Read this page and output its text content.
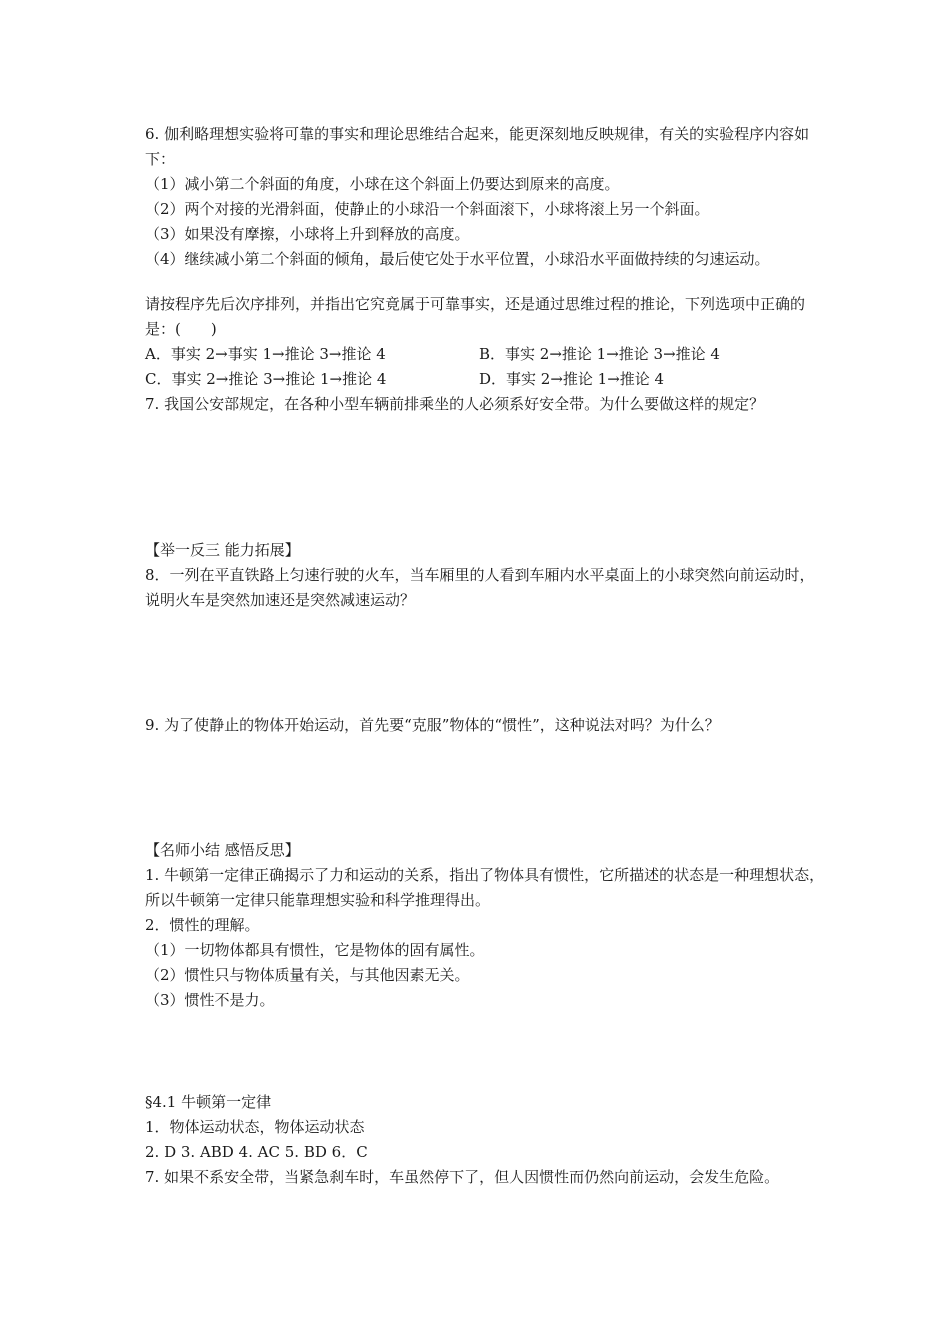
6. 伽利略理想实验将可靠的事实和理论思维结合起来，能更深刻地反映规律，有关的实验程序内容如下：
（1）减小第二个斜面的角度，小球在这个斜面上仍要达到原来的高度。
（2）两个对接的光滑斜面，使静止的小球沿一个斜面滚下，小球将滚上另一个斜面。
（3）如果没有摩擦，小球将上升到释放的高度。
（4）继续减小第二个斜面的倾角，最后使它处于水平位置，小球沿水平面做持续的匀速运动。
请按程序先后次序排列，并指出它究竟属于可靠事实，还是通过思维过程的推论，下列选项中正确的是：(　　)
A．事实 2→事实 1→推论 3→推论 4	B．事实 2→推论 1→推论 3→推论 4
C．事实 2→推论 3→推论 1→推论 4	D．事实 2→推论 1→推论 4
7. 我国公安部规定，在各种小型车辆前排乘坐的人必须系好安全带。为什么要做这样的规定？
【举一反三 能力拓展】
8．一列在平直铁路上匀速行驶的火车，当车厢里的人看到车厢内水平桌面上的小球突然向前运动时，说明火车是突然加速还是突然减速运动？
9. 为了使静止的物体开始运动，首先要“克服”物体的“惯性”，这种说法对吗？为什么？
【名师小结 感悟反思】
1. 牛顿第一定律正确揭示了力和运动的关系，指出了物体具有惯性，它所描述的状态是一种理想状态，所以牛顿第一定律只能靠理想实验和科学推理得出。
2．惯性的理解。
（1）一切物体都具有惯性，它是物体的固有属性。
（2）惯性只与物体质量有关，与其他因素无关。
（3）惯性不是力。
§4.1 牛顿第一定律
1．物体运动状态，物体运动状态
2. D 3. ABD 4. AC 5. BD 6．C
7. 如果不系安全带，当紧急刹车时，车虽然停下了，但人因惯性而仍然向前运动，会发生危险。
